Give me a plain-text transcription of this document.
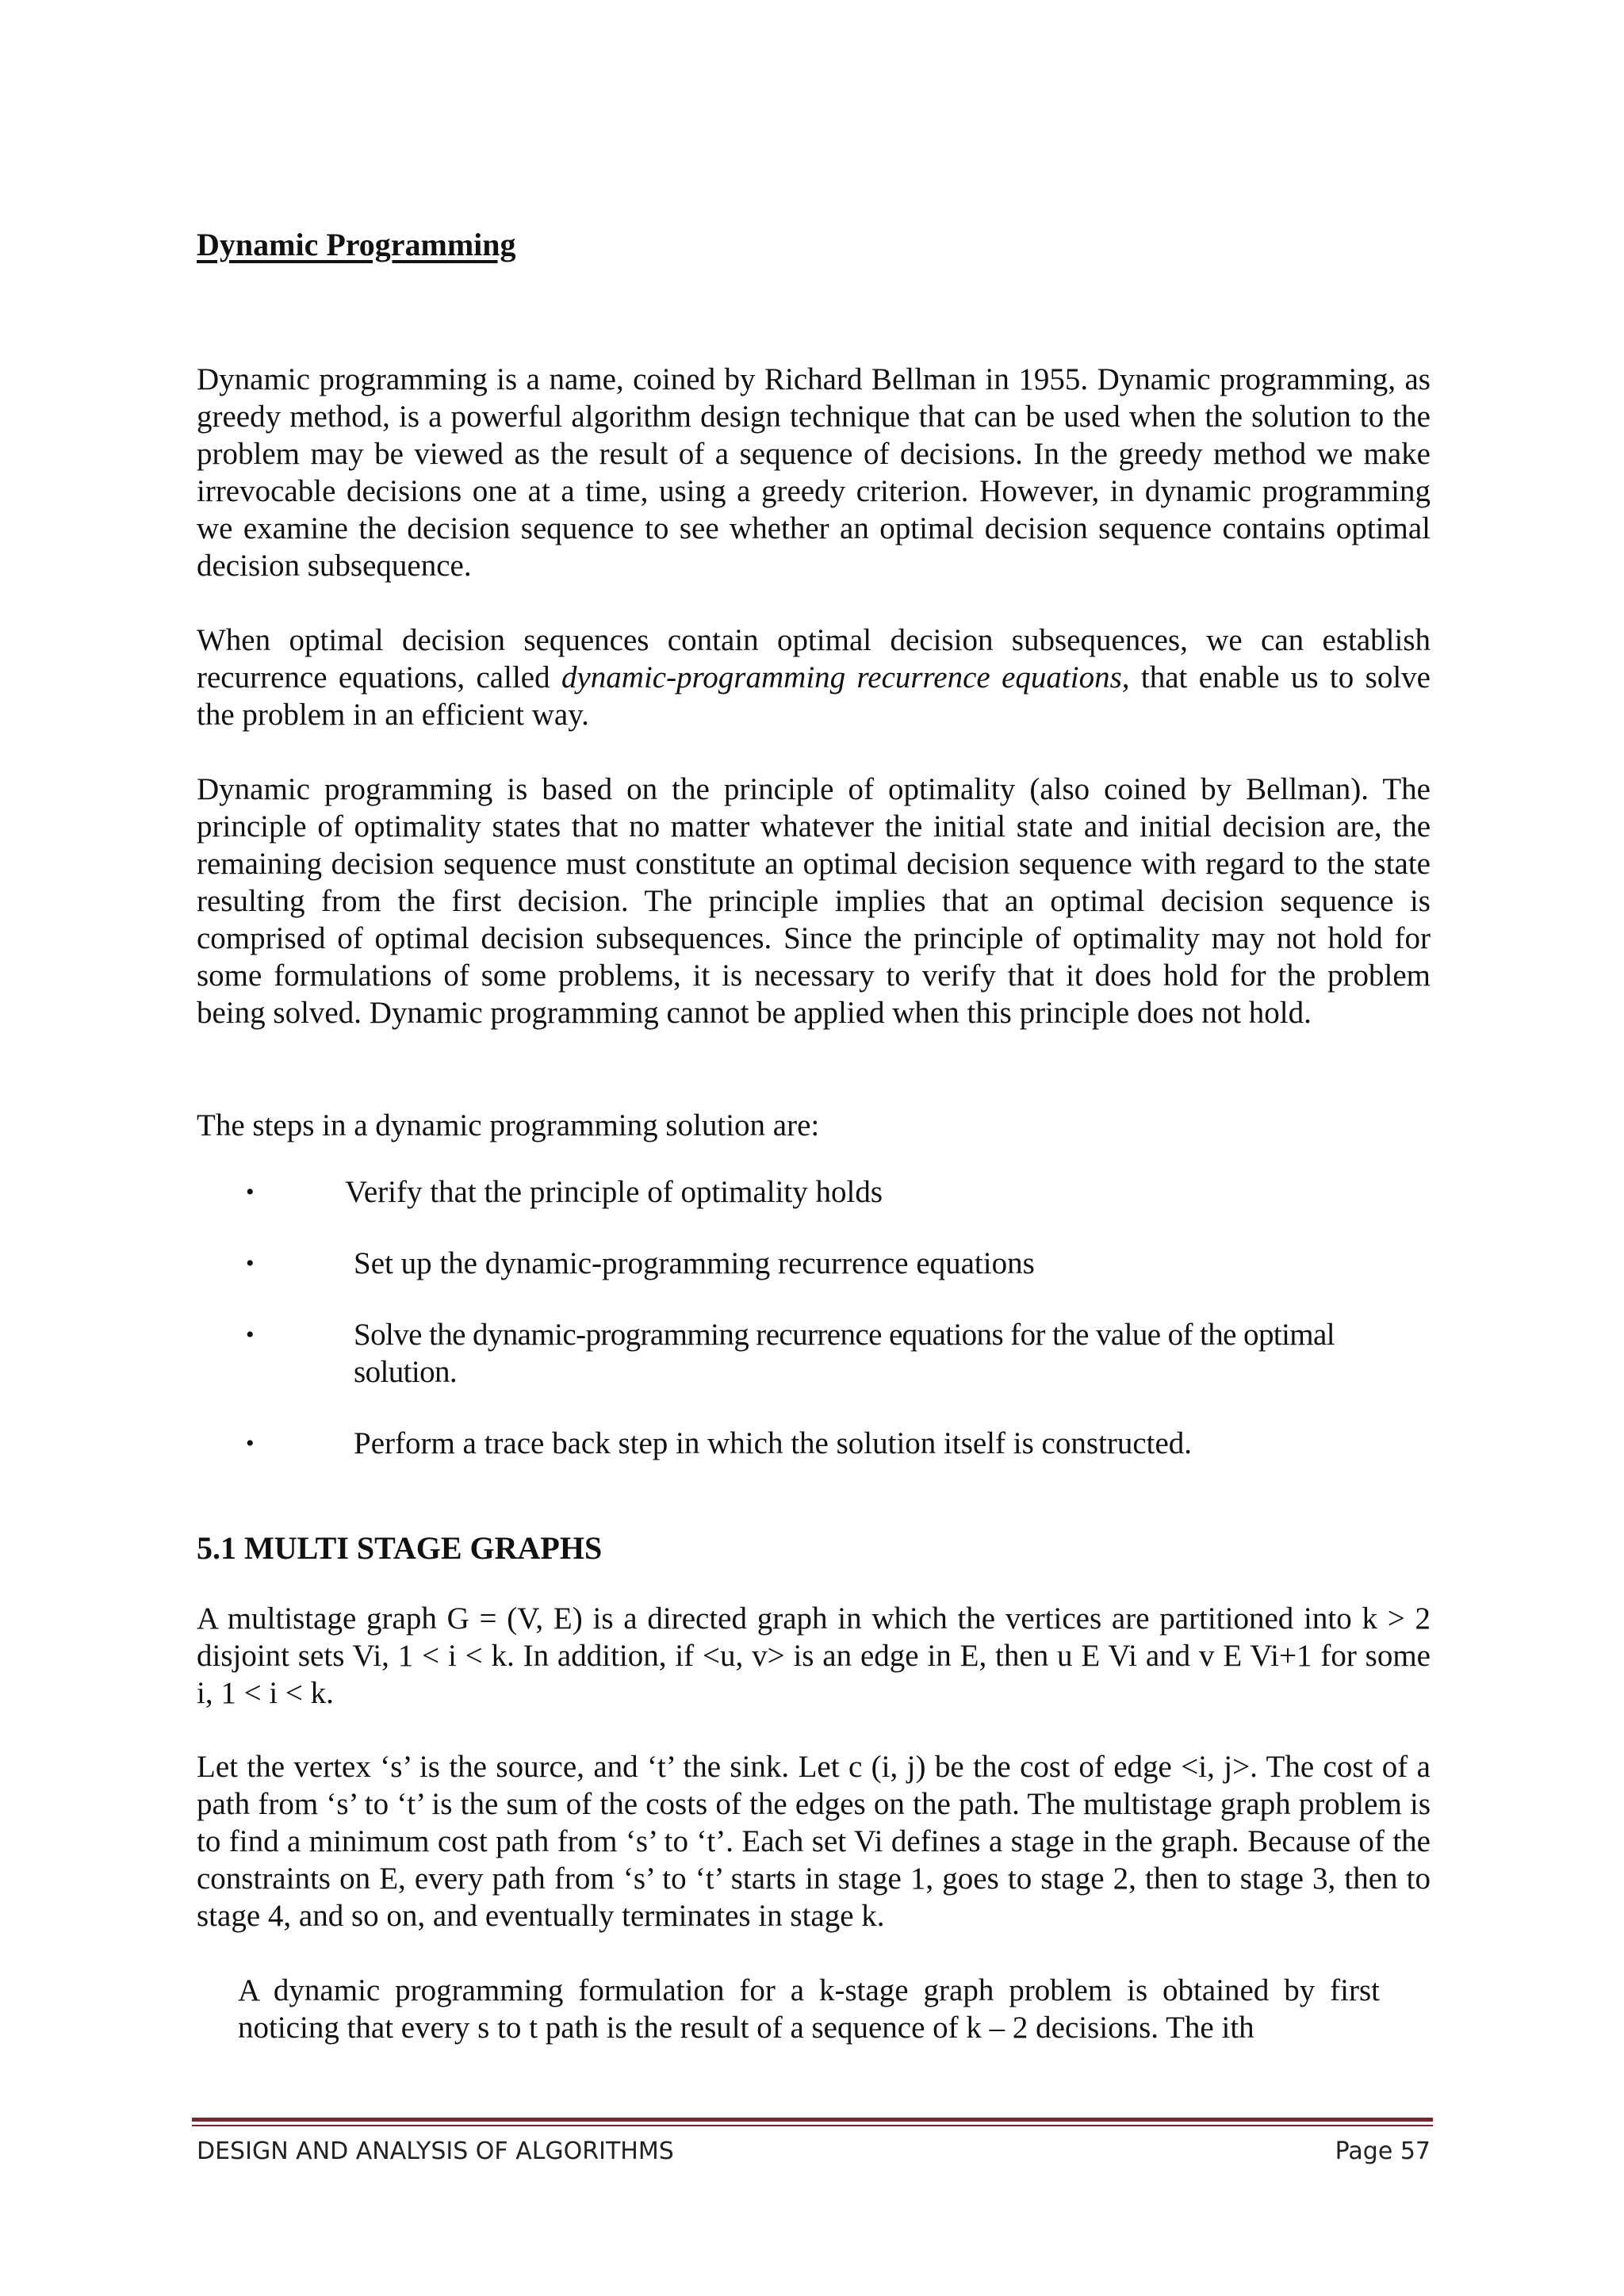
Dynamic Programming

Dynamic programming is a name, coined by Richard Bellman in 1955. Dynamic programming, as greedy method, is a powerful algorithm design technique that can be used when the solution to the problem may be viewed as the result of a sequence of decisions. In the greedy method we make irrevocable decisions one at a time, using a greedy criterion. However, in dynamic programming we examine the decision sequence to see whether an optimal decision sequence contains optimal decision subsequence.

When optimal decision sequences contain optimal decision subsequences, we can establish recurrence equations, called dynamic-programming recurrence equations, that enable us to solve the problem in an efficient way.

Dynamic programming is based on the principle of optimality (also coined by Bellman). The principle of optimality states that no matter whatever the initial state and initial decision are, the remaining decision sequence must constitute an optimal decision sequence with regard to the state resulting from the first decision. The principle implies that an optimal decision sequence is comprised of optimal decision subsequences. Since the principle of optimality may not hold for some formulations of some problems, it is necessary to verify that it does hold for the problem being solved. Dynamic programming cannot be applied when this principle does not hold.

The steps in a dynamic programming solution are:

•	Verify that the principle of optimality holds
•	Set up the dynamic-programming recurrence equations
•	Solve the dynamic-programming recurrence equations for the value of the optimal solution.
•	Perform a trace back step in which the solution itself is constructed.
5.1 MULTI STAGE GRAPHS

A multistage graph G = (V, E) is a directed graph in which the vertices are partitioned into k > 2 disjoint sets Vi, 1 < i < k. In addition, if <u, v> is an edge in E, then u E Vi and v E Vi+1 for some i, 1 < i < k.

Let the vertex ‘s’ is the source, and ‘t’ the sink. Let c (i, j) be the cost of edge <i, j>. The cost of a path from ‘s’ to ‘t’ is the sum of the costs of the edges on the path. The multistage graph problem is to find a minimum cost path from ‘s’ to ‘t’. Each set Vi defines a stage in the graph. Because of the constraints on E, every path from ‘s’ to ‘t’ starts in stage 1, goes to stage 2, then to stage 3, then to stage 4, and so on, and eventually terminates in stage k.

A dynamic programming formulation for a k-stage graph problem is obtained by first noticing that every s to t path is the result of a sequence of k – 2 decisions. The ith

DESIGN AND ANALYSIS OF ALGORITHMS	Page 57
